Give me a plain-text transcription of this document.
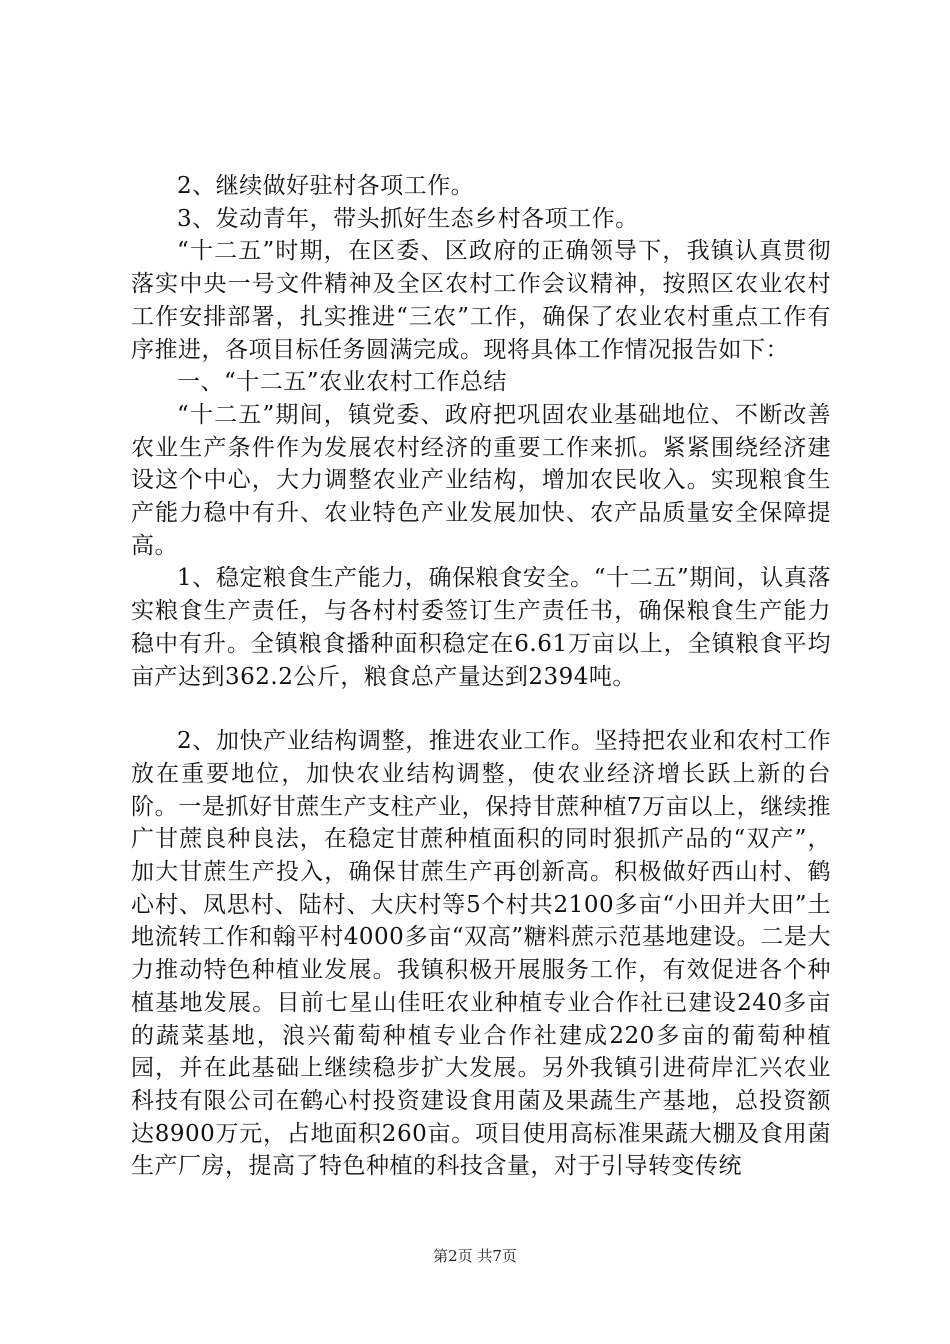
2、继续做好驻村各项工作。

3、发动青年，带头抓好生态乡村各项工作。

“十二五”时期，在区委、区政府的正确领导下，我镇认真贯彻落实中央一号文件精神及全区农村工作会议精神，按照区农业农村工作安排部署，扎实推进“三农”工作，确保了农业农村重点工作有序推进，各项目标任务圆满完成。现将具体工作情况报告如下：

一、“十二五”农业农村工作总结

“十二五”期间，镇党委、政府把巩固农业基础地位、不断改善农业生产条件作为发展农村经济的重要工作来抓。紧紧围绕经济建设这个中心，大力调整农业产业结构，增加农民收入。实现粮食生产能力稳中有升、农业特色产业发展加快、农产品质量安全保障提高。

1、稳定粮食生产能力，确保粮食安全。“十二五”期间，认真落实粮食生产责任，与各村村委签订生产责任书，确保粮食生产能力稳中有升。全镇粮食播种面积稳定在6.61万亩以上，全镇粮食平均亩产达到362.2公斤，粮食总产量达到2394吨。

2、加快产业结构调整，推进农业工作。坚持把农业和农村工作放在重要地位，加快农业结构调整，使农业经济增长跃上新的台阶。一是抓好甘蔗生产支柱产业，保持甘蔗种植7万亩以上，继续推广甘蔗良种良法，在稳定甘蔗种植面积的同时狠抓产品的“双产”，加大甘蔗生产投入，确保甘蔗生产再创新高。积极做好西山村、鹤心村、凤思村、陆村、大庆村等5个村共2100多亩“小田并大田”土地流转工作和翰平村4000多亩“双高”糖料蔗示范基地建设。二是大力推动特色种植业发展。我镇积极开展服务工作，有效促进各个种植基地发展。目前七星山佳旺农业种植专业合作社已建设240多亩的蔬菜基地，浪兴葡萄种植专业合作社建成220多亩的葡萄种植园，并在此基础上继续稳步扩大发展。另外我镇引进荷岸汇兴农业科技有限公司在鹤心村投资建设食用菌及果蔬生产基地，总投资额达8900万元，占地面积260亩。项目使用高标准果蔬大棚及食用菌生产厂房，提高了特色种植的科技含量，对于引导转变传统

第2页 共7页
